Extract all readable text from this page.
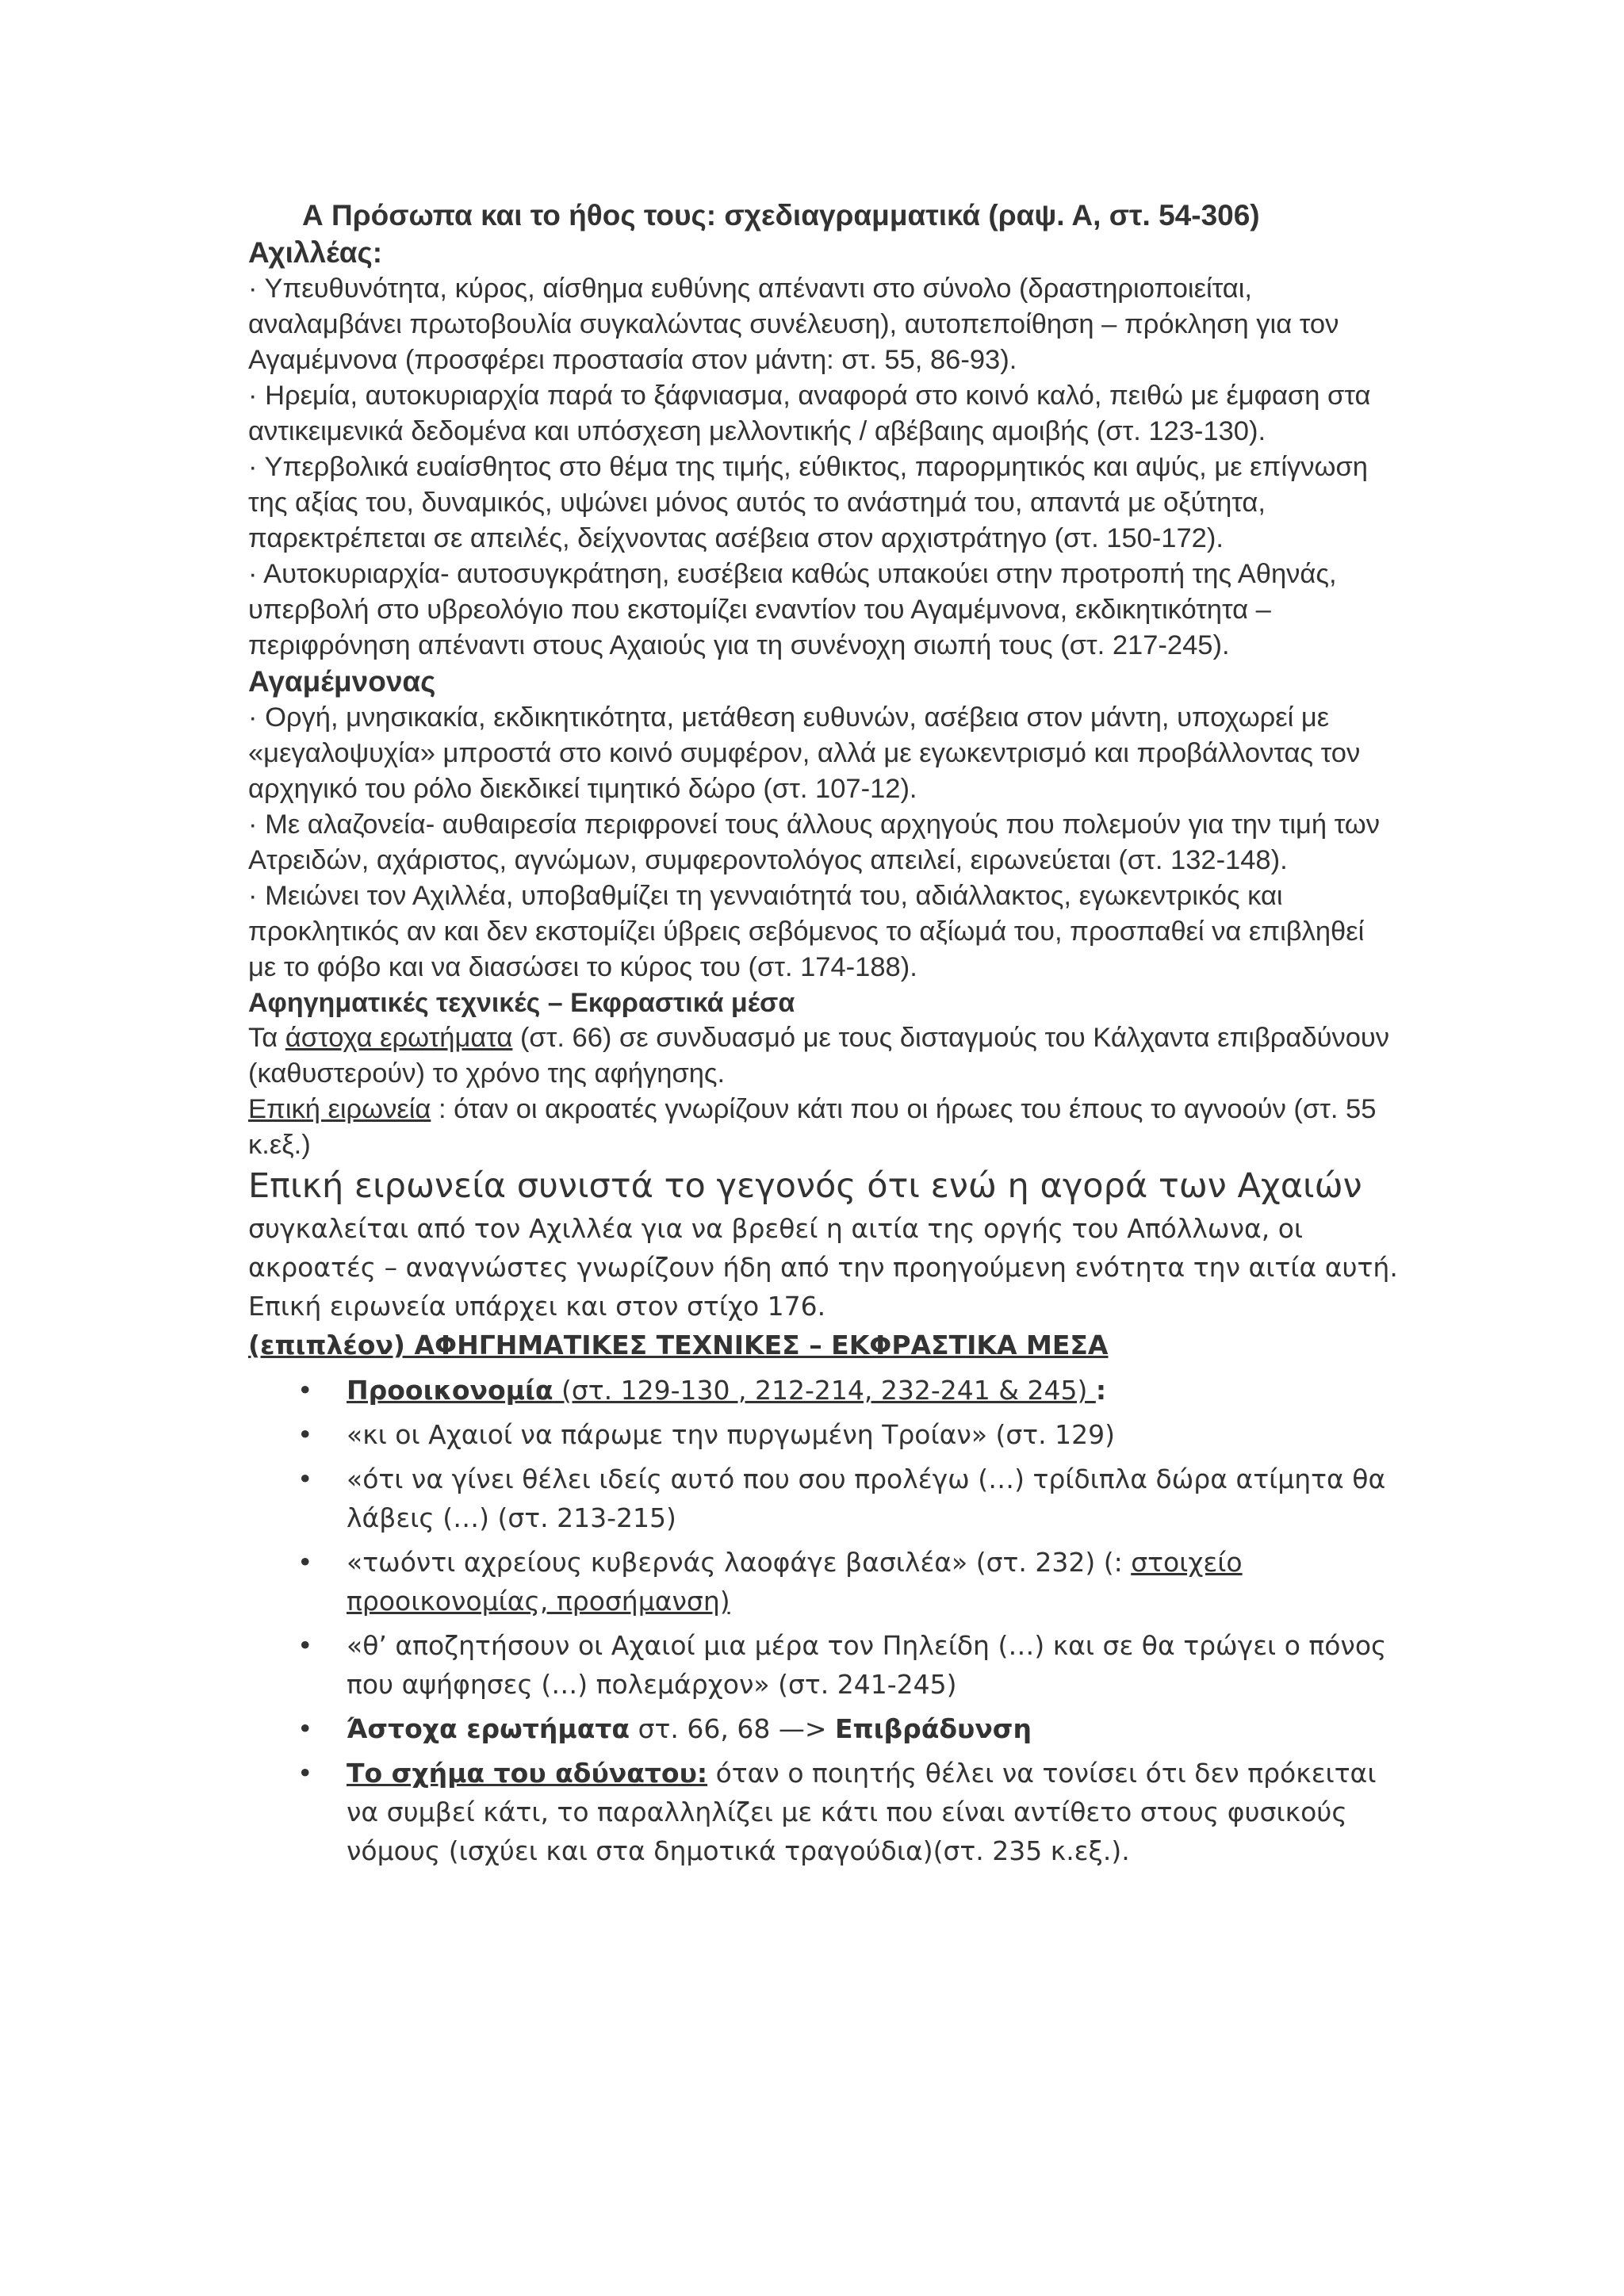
Α Πρόσωπα και το ήθος τους: σχεδιαγραμματικά (ραψ. Α, στ. 54-306)
Αχιλλέας:

· Υπευθυνότητα, κύρος, αίσθημα ευθύνης απέναντι στο σύνολο (δραστηριοποιείται, αναλαμβάνει πρωτοβουλία συγκαλώντας συνέλευση), αυτοπεποίθηση – πρόκληση για τον Αγαμέμνονα (προσφέρει προστασία στον μάντη: στ. 55, 86-93).

· Ηρεμία, αυτοκυριαρχία παρά το ξάφνιασμα, αναφορά στο κοινό καλό, πειθώ με έμφαση στα αντικειμενικά δεδομένα και υπόσχεση μελλοντικής / αβέβαιης αμοιβής (στ. 123-130).

· Υπερβολικά ευαίσθητος στο θέμα της τιμής, εύθικτος, παρορμητικός και αψύς, με επίγνωση της αξίας του, δυναμικός, υψώνει μόνος αυτός το ανάστημά του, απαντά με οξύτητα, παρεκτρέπεται σε απειλές, δείχνοντας ασέβεια στον αρχιστράτηγο (στ. 150-172).

· Αυτοκυριαρχία- αυτοσυγκράτηση, ευσέβεια καθώς υπακούει στην προτροπή της Αθηνάς, υπερβολή στο υβρεολόγιο που εκστομίζει εναντίον του Αγαμέμνονα, εκδικητικότητα – περιφρόνηση απέναντι στους Αχαιούς για τη συνένοχη σιωπή τους (στ. 217-245).

Αγαμέμνονας

· Οργή, μνησικακία, εκδικητικότητα, μετάθεση ευθυνών, ασέβεια στον μάντη, υποχωρεί με «μεγαλοψυχία» μπροστά στο κοινό συμφέρον, αλλά με εγωκεντρισμό και προβάλλοντας τον αρχηγικό του ρόλο διεκδικεί τιμητικό δώρο (στ. 107-12).

· Με αλαζονεία- αυθαιρεσία περιφρονεί τους άλλους αρχηγούς που πολεμούν για την τιμή των Ατρειδών, αχάριστος, αγνώμων, συμφεροντολόγος απειλεί, ειρωνεύεται (στ. 132-148).

· Μειώνει τον Αχιλλέα, υποβαθμίζει τη γενναιότητά του, αδιάλλακτος, εγωκεντρικός και προκλητικός αν και δεν εκστομίζει ύβρεις σεβόμενος το αξίωμά του, προσπαθεί να επιβληθεί με το φόβο και να διασώσει το κύρος του (στ. 174-188).

Αφηγηματικές τεχνικές – Εκφραστικά μέσα

Τα άστοχα ερωτήματα (στ. 66) σε συνδυασμό με τους δισταγμούς του Κάλχαντα επιβραδύνουν (καθυστερούν) το χρόνο της αφήγησης.

Επική ειρωνεία : όταν οι ακροατές γνωρίζουν κάτι που οι ήρωες του έπους το αγνοούν (στ. 55 κ.εξ.)

Επική ειρωνεία συνιστά το γεγονός ότι ενώ η αγορά των Αχαιών

συγκαλείται από τον Αχιλλέα για να βρεθεί η αιτία της οργής του Απόλλωνα, οι ακροατές – αναγνώστες γνωρίζουν ήδη από την προηγούμενη ενότητα την αιτία αυτή. Επική ειρωνεία υπάρχει και στον στίχο 176.

(επιπλέον) ΑΦΗΓΗΜΑΤΙΚΕΣ ΤΕΧΝΙΚΕΣ – ΕΚΦΡΑΣΤΙΚΑ ΜΕΣΑ
• Προοικονομία (στ. 129-130 , 212-214, 232-241 & 245) :
• «κι οι Αχαιοί να πάρωμε την πυργωμένη Τροίαν» (στ. 129)
• «ότι να γίνει θέλει ιδείς αυτό που σου προλέγω (…) τρίδιπλα δώρα ατίμητα θα λάβεις (…) (στ. 213-215)
• «τωόντι αχρείους κυβερνάς λαοφάγε βασιλέα» (στ. 232) (: στοιχείο προοικονομίας, προσήμανση)
• «θ’ αποζητήσουν οι Αχαιοί μια μέρα τον Πηλείδη (…) και σε θα τρώγει ο πόνος που αψήφησες (…) πολεμάρχον» (στ. 241-245)
• Άστοχα ερωτήματα στ. 66, 68 —> Επιβράδυνση
• Το σχήμα του αδύνατου: όταν ο ποιητής θέλει να τονίσει ότι δεν πρόκειται να συμβεί κάτι, το παραλληλίζει με κάτι που είναι αντίθετο στους φυσικούς νόμους (ισχύει και στα δημοτικά τραγούδια)(στ. 235 κ.εξ.).
